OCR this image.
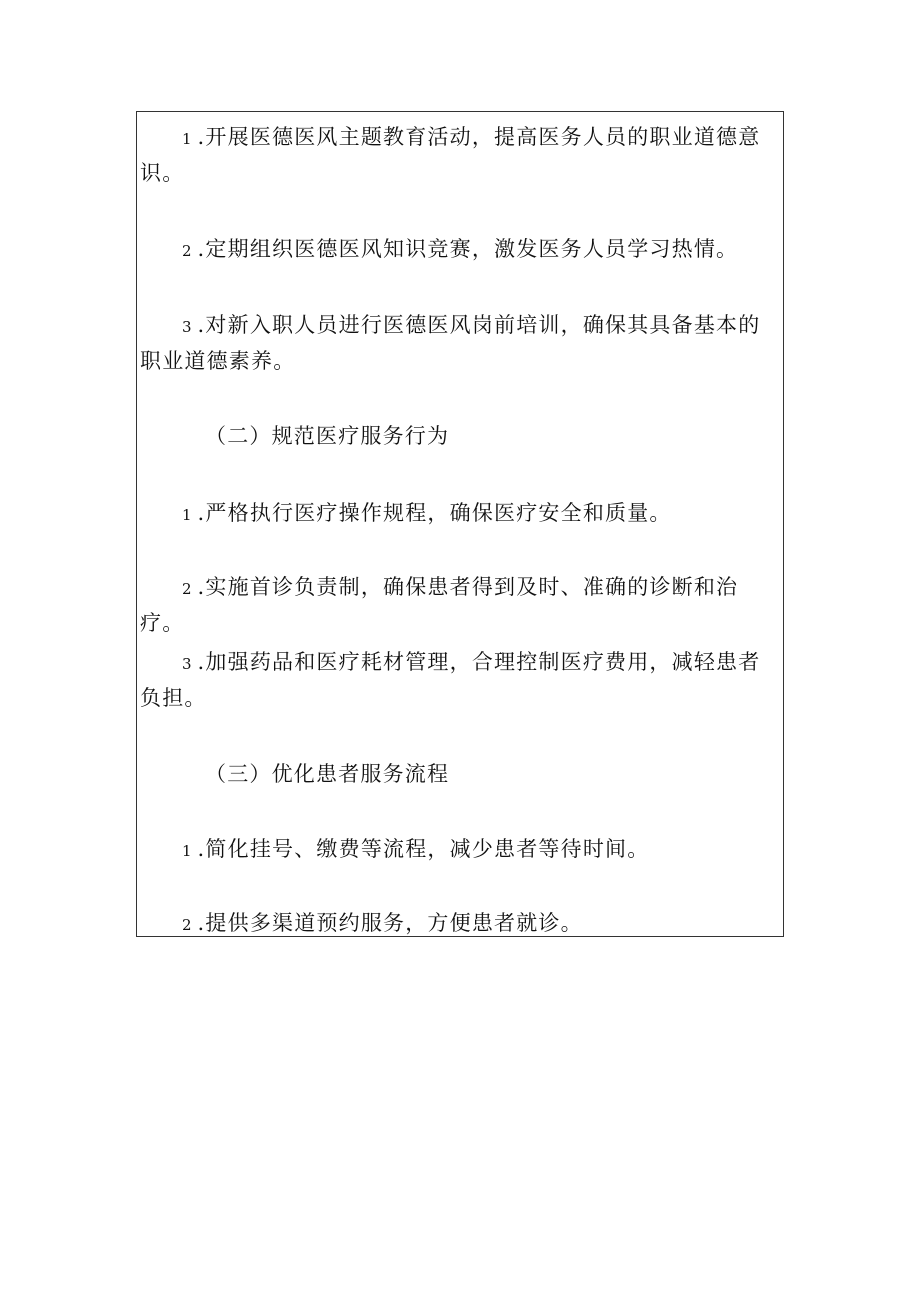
1 .开展医德医风主题教育活动，提高医务人员的职业道德意识。

2 .定期组织医德医风知识竞赛，激发医务人员学习热情。

3 .对新入职人员进行医德医风岗前培训，确保其具备基本的职业道德素养。

（二）规范医疗服务行为

1 .严格执行医疗操作规程，确保医疗安全和质量。

2 .实施首诊负责制，确保患者得到及时、准确的诊断和治疗。

3 .加强药品和医疗耗材管理，合理控制医疗费用，减轻患者负担。

（三）优化患者服务流程

1 .简化挂号、缴费等流程，减少患者等待时间。

2 .提供多渠道预约服务，方便患者就诊。
